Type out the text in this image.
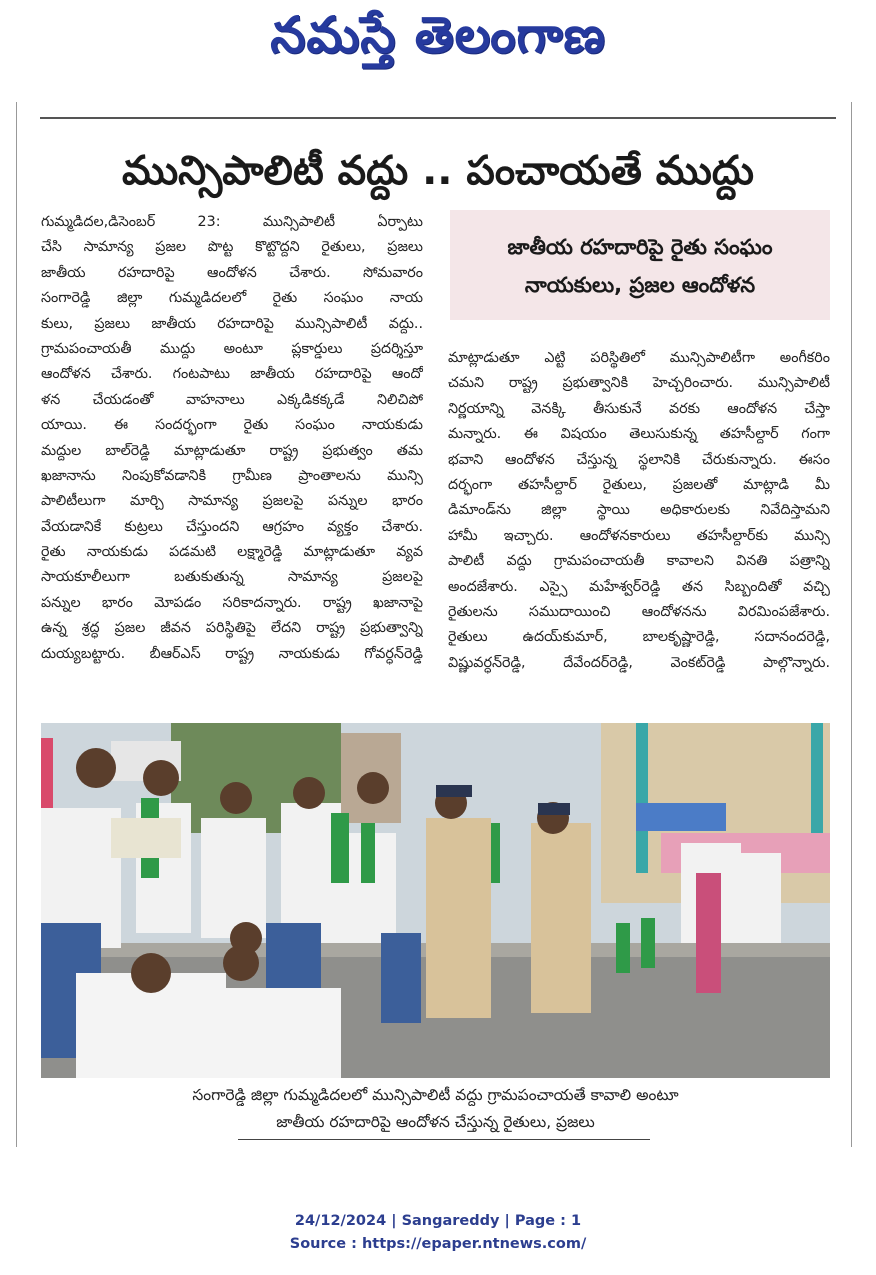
నమస్తే తెలంగాణ
మున్సిపాలిటీ వద్దు .. పంచాయతే ముద్దు
జాతీయ రహదారిపై రైతు సంఘం
నాయకులు, ప్రజల ఆందోళన
గుమ్మడిదల,డిసెంబర్ 23: మున్సిపాలిటీ ఏర్పాటు
చేసి సామాన్య ప్రజల పొట్ట కొట్టొద్దని రైతులు, ప్రజలు
జాతీయ రహదారిపై ఆందోళన చేశారు. సోమవారం
సంగారెడ్డి జిల్లా గుమ్మడిదలలో రైతు సంఘం నాయ
కులు, ప్రజలు జాతీయ రహదారిపై మున్సిపాలిటీ వద్దు..
గ్రామపంచాయతీ ముద్దు అంటూ ప్లకార్డులు ప్రదర్శిస్తూ
ఆందోళన చేశారు. గంటపాటు జాతీయ రహదారిపై ఆందో
ళన చేయడంతో వాహనాలు ఎక్కడికక్కడే నిలిచిపో
యాయి. ఈ సందర్భంగా రైతు సంఘం నాయకుడు
మద్దుల బాల్‌రెడ్డి మాట్లాడుతూ రాష్ట్ర ప్రభుత్వం తమ
ఖజానాను నింపుకోవడానికి గ్రామీణ ప్రాంతాలను మున్సి
పాలిటీలుగా మార్చి సామాన్య ప్రజలపై పన్నుల భారం
వేయడానికే కుట్రలు చేస్తుందని ఆగ్రహం వ్యక్తం చేశారు.
రైతు నాయకుడు పడమటి లక్ష్మారెడ్డి మాట్లాడుతూ వ్యవ
సాయకూలీలుగా బతుకుతున్న సామాన్య ప్రజలపై
పన్నుల భారం మోపడం సరికాదన్నారు. రాష్ట్ర ఖజానాపై
ఉన్న శ్రద్ధ ప్రజల జీవన పరిస్థితిపై లేదని రాష్ట్ర ప్రభుత్వాన్ని
దుయ్యబట్టారు. బీఆర్‌ఎస్ రాష్ట్ర నాయకుడు గోవర్ధన్‌రెడ్డి
మాట్లాడుతూ ఎట్టి పరిస్థితిలో మున్సిపాలిటీగా అంగీకరిం
చమని రాష్ట్ర ప్రభుత్వానికి హెచ్చరించారు. మున్సిపాలిటీ
నిర్ణయాన్ని వెనక్కి తీసుకునే వరకు ఆందోళన చేస్తా
మన్నారు. ఈ విషయం తెలుసుకున్న తహసీల్దార్ గంగా
భవాని ఆందోళన చేస్తున్న స్థలానికి చేరుకున్నారు. ఈసం
దర్భంగా తహసీల్దార్ రైతులు, ప్రజలతో మాట్లాడి మీ
డిమాండ్‌ను జిల్లా స్థాయి అధికారులకు నివేదిస్తామని
హామీ ఇచ్చారు. ఆందోళనకారులు తహసీల్దార్‌కు మున్సి
పాలిటీ వద్దు గ్రామపంచాయతీ కావాలని వినతి పత్రాన్ని
అందజేశారు. ఎస్సై మహేశ్వర్‌రెడ్డి తన సిబ్బందితో వచ్చి
రైతులను సముదాయించి ఆందోళనను విరమింపజేశారు.
రైతులు ఉదయ్‌కుమార్, బాలకృష్ణారెడ్డి, సదానందరెడ్డి,
విష్ణువర్ధన్‌రెడ్డి, దేవేందర్‌రెడ్డి, వెంకట్‌రెడ్డి పాల్గొన్నారు.
సంగారెడ్డి జిల్లా గుమ్మడిదలలో మున్సిపాలిటీ వద్దు గ్రామపంచాయతే కావాలి అంటూ
జాతీయ రహదారిపై ఆందోళన చేస్తున్న రైతులు, ప్రజలు
24/12/2024 | Sangareddy | Page : 1
Source : https://epaper.ntnews.com/
